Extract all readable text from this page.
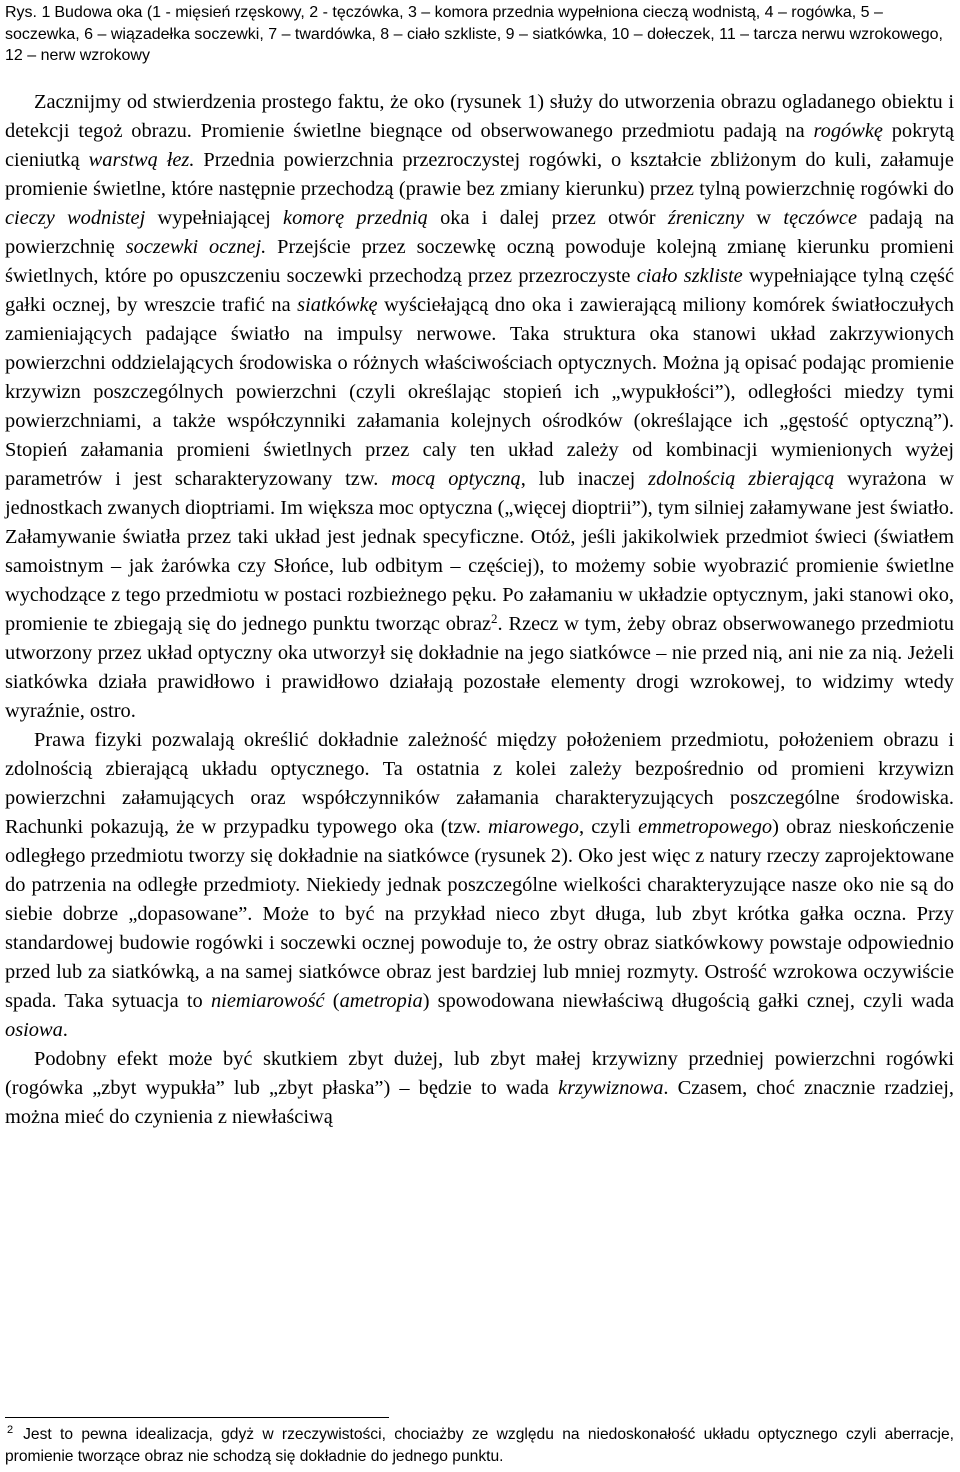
Rys. 1 Budowa oka (1 - mięsień rzęskowy, 2 - tęczówka, 3 – komora przednia wypełniona cieczą wodnistą, 4 – rogówka, 5 – soczewka, 6 – wiązadełka soczewki, 7 – twardówka, 8 – ciało szkliste, 9 – siatkówka, 10 – dołeczek, 11 – tarcza nerwu wzrokowego, 12 – nerw wzrokowy

Zacznijmy od stwierdzenia prostego faktu, że oko (rysunek 1) służy do utworzenia obrazu ogladanego obiektu i detekcji tegoż obrazu. Promienie świetlne biegnące od obserwowanego przedmiotu padają na rogówkę pokrytą cieniutką warstwą łez. Przednia powierzchnia przezroczystej rogówki, o kształcie zbliżonym do kuli, załamuje promienie świetlne, które następnie przechodzą (prawie bez zmiany kierunku) przez tylną powierzchnię rogówki do cieczy wodnistej wypełniającej komorę przednią oka i dalej przez otwór źreniczny w tęczówce padają na powierzchnię soczewki ocznej. Przejście przez soczewkę oczną powoduje kolejną zmianę kierunku promieni świetlnych, które po opuszczeniu soczewki przechodzą przez przezroczyste ciało szkliste wypełniające tylną część gałki ocznej, by wreszcie trafić na siatkówkę wyściełającą dno oka i zawierającą miliony komórek światłoczułych zamieniających padające światło na impulsy nerwowe. Taka struktura oka stanowi układ zakrzywionych powierzchni oddzielających środowiska o różnych właściwościach optycznych. Można ją opisać podając promienie krzywizn poszczególnych powierzchni (czyli określając stopień ich „wypukłości”), odległości miedzy tymi powierzchniami, a także współczynniki załamania kolejnych ośrodków (określające ich „gęstość optyczną”). Stopień załamania promieni świetlnych przez caly ten układ zależy od kombinacji wymienionych wyżej parametrów i jest scharakteryzowany tzw. mocą optyczną, lub inaczej zdolnością zbierającą wyrażona w jednostkach zwanych dioptriami. Im większa moc optyczna („więcej dioptrii”), tym silniej załamywane jest światło. Załamywanie światła przez taki układ jest jednak specyficzne. Otóż, jeśli jakikolwiek przedmiot świeci (światłem samoistnym – jak żarówka czy Słońce, lub odbitym – częściej), to możemy sobie wyobrazić promienie świetlne wychodzące z tego przedmiotu w postaci rozbieżnego pęku. Po załamaniu w układzie optycznym, jaki stanowi oko, promienie te zbiegają się do jednego punktu tworząc obraz$^2$. Rzecz w tym, żeby obraz obserwowanego przedmiotu utworzony przez układ optyczny oka utworzył się dokładnie na jego siatkówce – nie przed nią, ani nie za nią. Jeżeli siatkówka działa prawidłowo i prawidłowo działają pozostałe elementy drogi wzrokowej, to widzimy wtedy wyraźnie, ostro.

Prawa fizyki pozwalają określić dokładnie zależność między położeniem przedmiotu, położeniem obrazu i zdolnością zbierającą układu optycznego. Ta ostatnia z kolei zależy bezpośrednio od promieni krzywizn powierzchni załamujących oraz współczynników załamania charakteryzujących poszczególne środowiska. Rachunki pokazują, że w przypadku typowego oka (tzw. miarowego, czyli emmetropowego) obraz nieskończenie odległego przedmiotu tworzy się dokładnie na siatkówce (rysunek 2). Oko jest więc z natury rzeczy zaprojektowane do patrzenia na odległe przedmioty. Niekiedy jednak poszczególne wielkości charakteryzujące nasze oko nie są do siebie dobrze „dopasowane”. Może to być na przykład nieco zbyt długa, lub zbyt krótka gałka oczna. Przy standardowej budowie rogówki i soczewki ocznej powoduje to, że ostry obraz siatkówkowy powstaje odpowiednio przed lub za siatkówką, a na samej siatkówce obraz jest bardziej lub mniej rozmyty. Ostrość wzrokowa oczywiście spada. Taka sytuacja to niemiarowość (ametropia) spowodowana niewłaściwą długością gałki cznej, czyli wada osiowa.

Podobny efekt może być skutkiem zbyt dużej, lub zbyt małej krzywizny przedniej powierzchni rogówki (rogówka „zbyt wypukła” lub „zbyt płaska”) – będzie to wada krzywiznowa. Czasem, choć znacznie rzadziej, można mieć do czynienia z niewłaściwą

$^2$ Jest to pewna idealizacja, gdyż w rzeczywistości, chociażby ze względu na niedoskonałość układu optycznego czyli aberracje, promienie tworzące obraz nie schodzą się dokładnie do jednego punktu.
